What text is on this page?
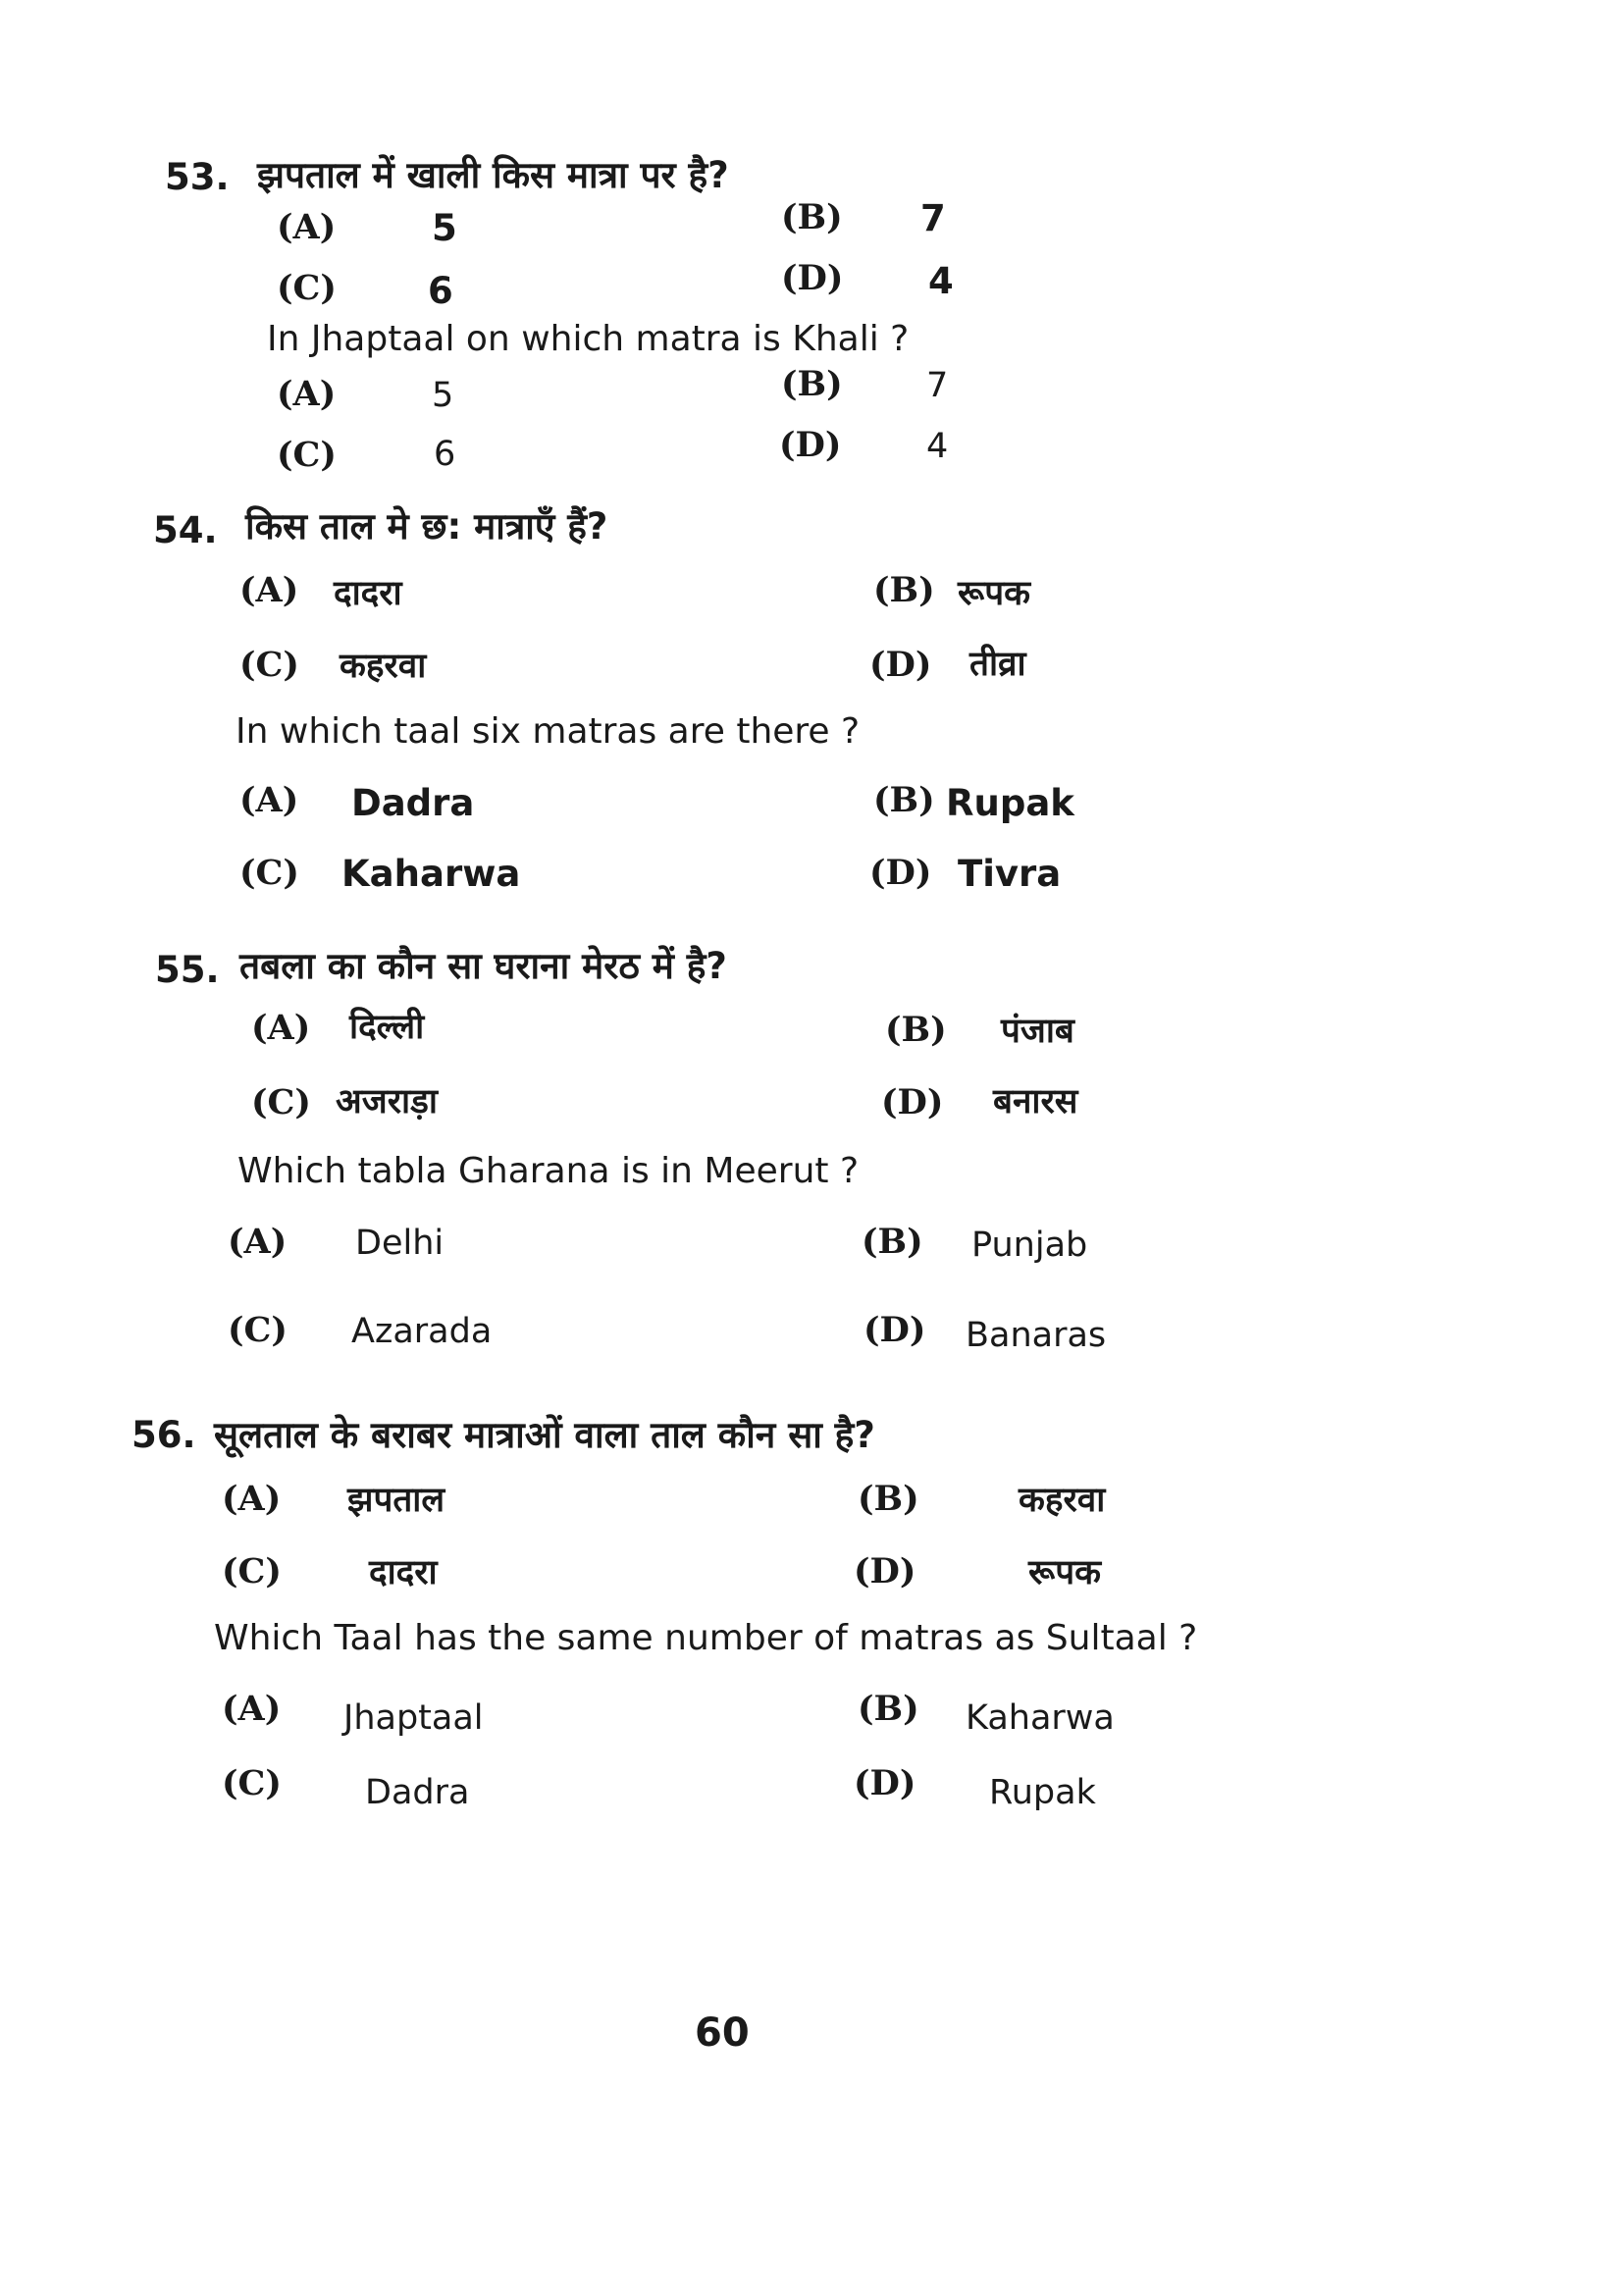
53. झपताल में खाली किस मात्रा पर है?
(A)	5	(B) 7
(C)	6	(D) 4
In Jhaptaal on which matra is Khali ?
(A)	5	(B) 7
(C)	6	(D) 4
54. किस ताल मे छ: मात्राएँ हैं?
(A) दादरा	(B) रूपक
(C) कहरवा	(D) तीव्रा
In which taal six matras are there ?
(A) Dadra	(B) Rupak
(C) Kaharwa	(D) Tivra
55. तबला का कौन सा घराना मेरठ में है?
(A) दिल्ली	(B) पंजाब
(C) अजराड़ा	(D) बनारस
Which tabla Gharana is in Meerut ?
(A) Delhi	(B) Punjab
(C) Azarada	(D) Banaras
56. सूलताल के बराबर मात्राओं वाला ताल कौन सा है?
(A) झपताल	(B)	कहरवा
(C)	दादरा	(D)	रूपक
Which Taal has the same number of matras as Sultaal ?
(A) Jhaptaal	(B) Kaharwa
(C) Dadra	(D) Rupak
60
